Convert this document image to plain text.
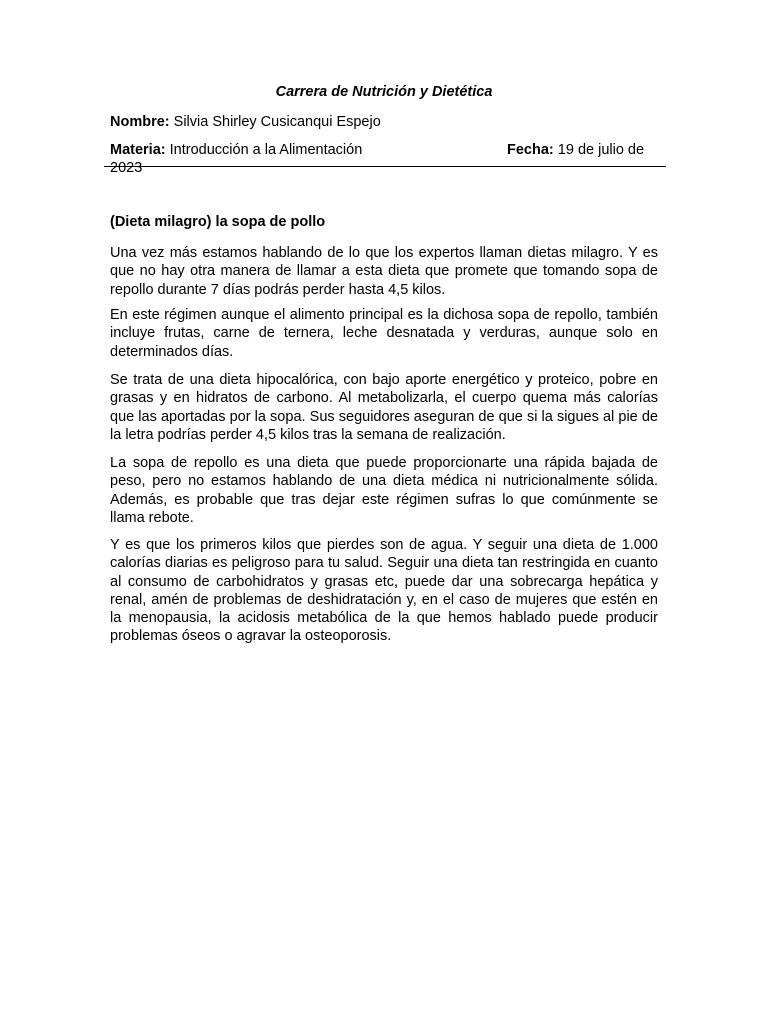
Carrera de Nutrición y Dietética
Nombre: Silvia Shirley Cusicanqui Espejo
Materia: Introducción a la Alimentación	Fecha: 19 de julio de
2023
(Dieta milagro) la sopa de pollo

Una vez más estamos hablando de lo que los expertos llaman dietas milagro. Y es que no hay otra manera de llamar a esta dieta que promete que tomando sopa de repollo durante 7 días podrás perder hasta 4,5 kilos.

En este régimen aunque el alimento principal es la dichosa sopa de repollo, también incluye frutas, carne de ternera, leche desnatada y verduras, aunque solo en determinados días.

Se trata de una dieta hipocalórica, con bajo aporte energético y proteico, pobre en grasas y en hidratos de carbono. Al metabolizarla, el cuerpo quema más calorías que las aportadas por la sopa. Sus seguidores aseguran de que si la sigues al pie de la letra podrías perder 4,5 kilos tras la semana de realización.

La sopa de repollo es una dieta que puede proporcionarte una rápida bajada de peso, pero no estamos hablando de una dieta médica ni nutricionalmente sólida. Además, es probable que tras dejar este régimen sufras lo que comúnmente se llama rebote.

Y es que los primeros kilos que pierdes son de agua. Y seguir una dieta de 1.000 calorías diarias es peligroso para tu salud. Seguir una dieta tan restringida en cuanto al consumo de carbohidratos y grasas etc, puede dar una sobrecarga hepática y renal, amén de problemas de deshidratación y, en el caso de mujeres que estén en la menopausia, la acidosis metabólica de la que hemos hablado puede producir problemas óseos o agravar la osteoporosis.
